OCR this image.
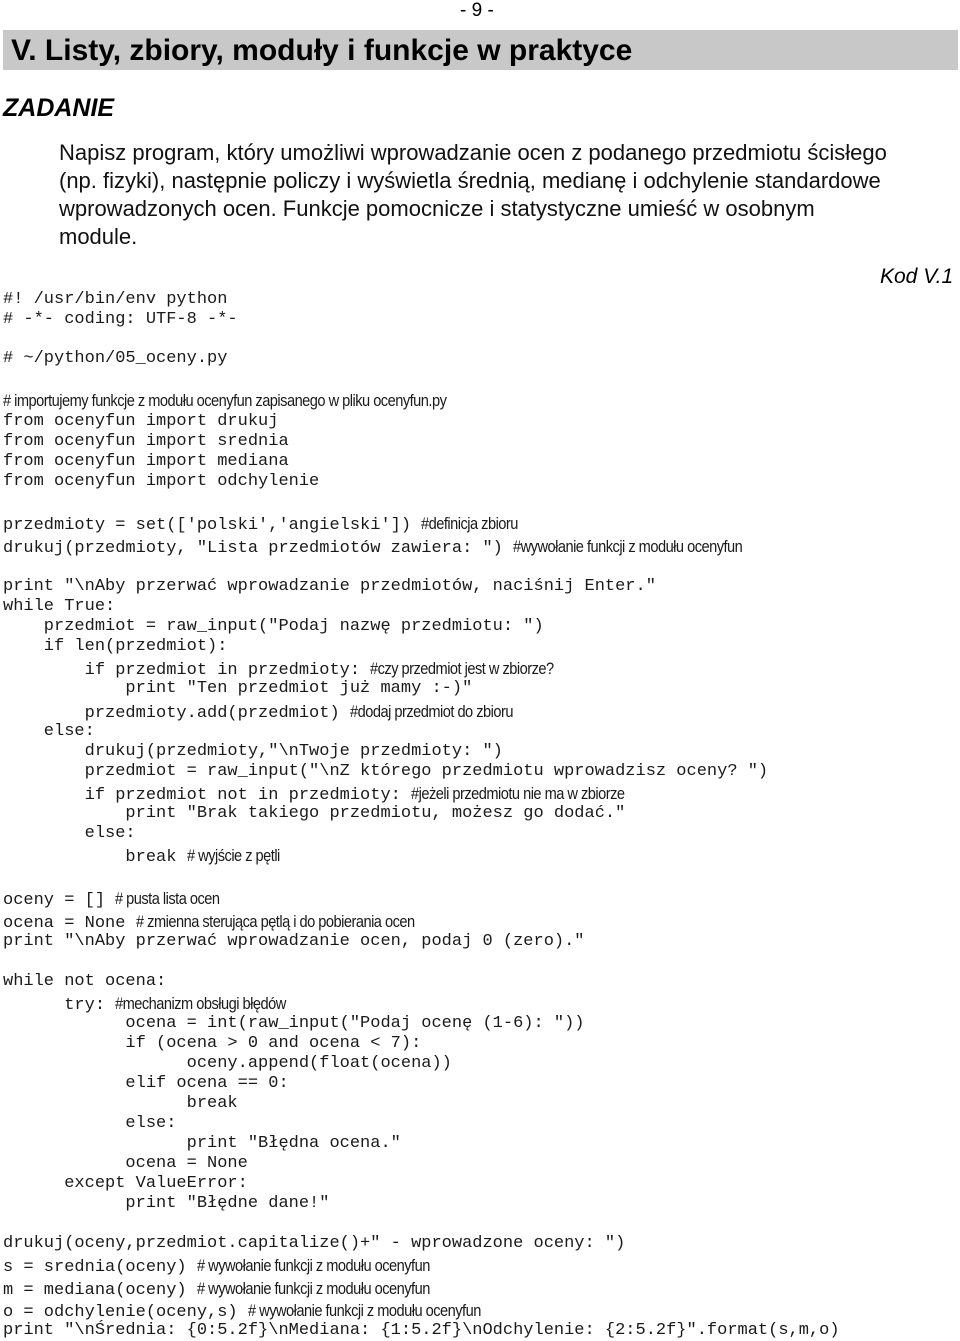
- 9 -
V. Listy, zbiory, moduły i funkcje w praktyce
ZADANIE
Napisz program, który umożliwi wprowadzanie ocen z podanego przedmiotu ścisłego
(np. fizyki), następnie policzy i wyświetla średnią, medianę i odchylenie standardowe
wprowadzonych ocen. Funkcje pomocnicze i statystyczne umieść w osobnym
module.
Kod V.1
#! /usr/bin/env python
# -*- coding: UTF-8 -*-
# ~/python/05_oceny.py
# importujemy funkcje z modułu ocenyfun zapisanego w pliku ocenyfun.py
from ocenyfun import drukuj
from ocenyfun import srednia
from ocenyfun import mediana
from ocenyfun import odchylenie
przedmioty = set(['polski','angielski']) #definicja zbioru
drukuj(przedmioty, "Lista przedmiotów zawiera: ") #wywołanie funkcji z modułu ocenyfun
print "\nAby przerwać wprowadzanie przedmiotów, naciśnij Enter."
while True:
przedmiot = raw_input("Podaj nazwę przedmiotu: ")
if len(przedmiot):
if przedmiot in przedmioty: #czy przedmiot jest w zbiorze?
print "Ten przedmiot już mamy :-)"
przedmioty.add(przedmiot) #dodaj przedmiot do zbioru
else:
drukuj(przedmioty,"\nTwoje przedmioty: ")
przedmiot = raw_input("\nZ którego przedmiotu wprowadzisz oceny? ")
if przedmiot not in przedmioty: #jeżeli przedmiotu nie ma w zbiorze
print "Brak takiego przedmiotu, możesz go dodać."
else:
break # wyjście z pętli
oceny = [] # pusta lista ocen
ocena = None # zmienna sterująca pętlą i do pobierania ocen
print "\nAby przerwać wprowadzanie ocen, podaj 0 (zero)."
while not ocena:
try: #mechanizm obsługi błędów
ocena = int(raw_input("Podaj ocenę (1-6): "))
if (ocena > 0 and ocena < 7):
oceny.append(float(ocena))
elif ocena == 0:
break
else:
print "Błędna ocena."
ocena = None
except ValueError:
print "Błędne dane!"
drukuj(oceny,przedmiot.capitalize()+" - wprowadzone oceny: ")
s = srednia(oceny) # wywołanie funkcji z modułu ocenyfun
m = mediana(oceny) # wywołanie funkcji z modułu ocenyfun
o = odchylenie(oceny,s) # wywołanie funkcji z modułu ocenyfun
print "\nŚrednia: {0:5.2f}\nMediana: {1:5.2f}\nOdchylenie: {2:5.2f}".format(s,m,o)
